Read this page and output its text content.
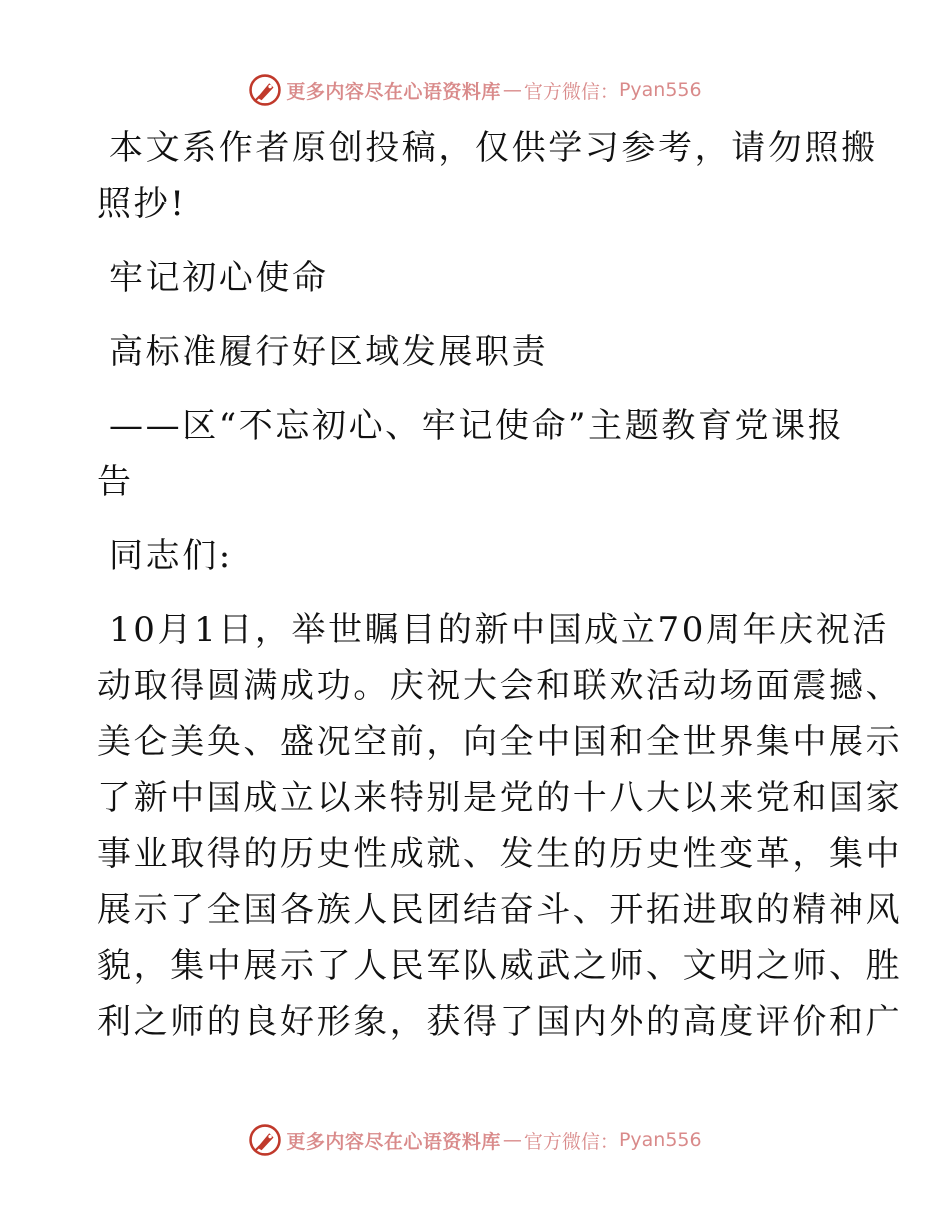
更多内容尽在心语资料库 — 官方微信： Pyan556
本文系作者原创投稿，仅供学习参考，请勿照搬
照抄!
牢记初心使命
高标准履行好区域发展职责
——区“不忘初心、牢记使命”主题教育党课报
告
同志们:
10月1日，举世瞩目的新中国成立70周年庆祝活
动取得圆满成功。庆祝大会和联欢活动场面震撼、
美仑美奂、盛况空前，向全中国和全世界集中展示
了新中国成立以来特别是党的十八大以来党和国家
事业取得的历史性成就、发生的历史性变革，集中
展示了全国各族人民团结奋斗、开拓进取的精神风
貌，集中展示了人民军队威武之师、文明之师、胜
利之师的良好形象，获得了国内外的高度评价和广
更多内容尽在心语资料库 — 官方微信： Pyan556
